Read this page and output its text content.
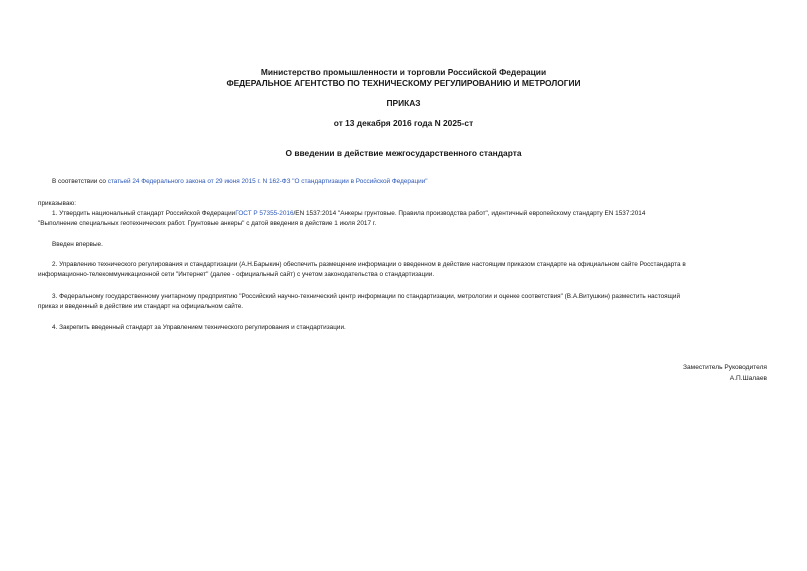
Министерство промышленности и торговли Российской Федерации
ФЕДЕРАЛЬНОЕ АГЕНТСТВО ПО ТЕХНИЧЕСКОМУ РЕГУЛИРОВАНИЮ И МЕТРОЛОГИИ
ПРИКАЗ
от 13 декабря 2016 года N 2025-ст
О введении в действие межгосударственного стандарта
В соответствии со статьей 24 Федерального закона от 29 июня 2015 г. N 162-ФЗ "О стандартизации в Российской Федерации"
приказываю:
1. Утвердить национальный стандарт Российской ФедерацииГОСТ Р 57355-2016/EN 1537:2014 "Анкеры грунтовые. Правила производства работ", идентичный европейскому стандарту EN 1537:2014
"Выполнение специальных геотехнических работ. Грунтовые анкеры" с датой введения в действие 1 июля 2017 г.
Введен впервые.
2. Управлению технического регулирования и стандартизации (А.Н.Барыкин) обеспечить размещение информации о введенном в действие настоящим приказом стандарте на официальном сайте Росстандарта в
информационно-телекоммуникационной сети "Интернет" (далее - официальный сайт) с учетом законодательства о стандартизации.
3. Федеральному государственному унитарному предприятию "Российский научно-технический центр информации по стандартизации, метрологии и оценке соответствия" (В.А.Витушкин) разместить настоящий
приказ и введенный в действие им стандарт на официальном сайте.
4. Закрепить введенный стандарт за Управлением технического регулирования и стандартизации.
Заместитель Руководителя
А.П.Шалаев
